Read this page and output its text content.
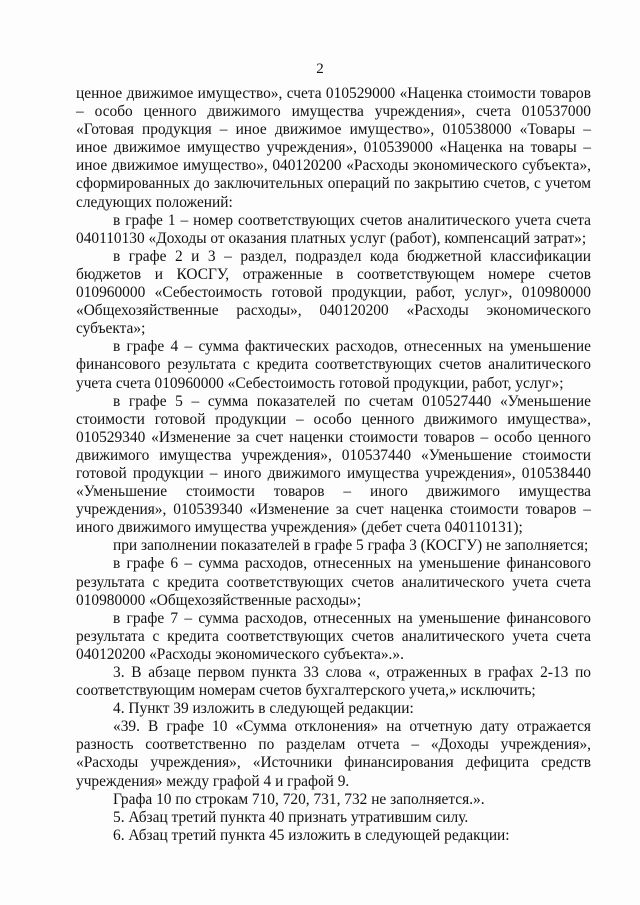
2

ценное движимое имущество», счета 010529000 «Наценка стоимости товаров – особо ценного движимого имущества учреждения», счета 010537000 «Готовая продукция – иное движимое имущество», 010538000 «Товары – иное движимое имущество учреждения», 010539000 «Наценка на товары – иное движимое имущество», 040120200 «Расходы экономического субъекта», сформированных до заключительных операций по закрытию счетов, с учетом следующих положений:

в графе 1 – номер соответствующих счетов аналитического учета счета 040110130 «Доходы от оказания платных услуг (работ), компенсаций затрат»;

в графе 2 и 3 – раздел, подраздел кода бюджетной классификации бюджетов и КОСГУ, отраженные в соответствующем номере счетов 010960000 «Себестоимость готовой продукции, работ, услуг», 010980000 «Общехозяйственные расходы», 040120200 «Расходы экономического субъекта»;

в графе 4 – сумма фактических расходов, отнесенных на уменьшение финансового результата с кредита соответствующих счетов аналитического учета счета 010960000 «Себестоимость готовой продукции, работ, услуг»;

в графе 5 – сумма показателей по счетам 010527440 «Уменьшение стоимости готовой продукции – особо ценного движимого имущества», 010529340 «Изменение за счет наценки стоимости товаров – особо ценного движимого имущества учреждения», 010537440 «Уменьшение стоимости готовой продукции – иного движимого имущества учреждения», 010538440 «Уменьшение стоимости товаров – иного движимого имущества учреждения», 010539340 «Изменение за счет наценка стоимости товаров – иного движимого имущества учреждения» (дебет счета 040110131);

при заполнении показателей в графе 5 графа 3 (КОСГУ) не заполняется;

в графе 6 – сумма расходов, отнесенных на уменьшение финансового результата с кредита соответствующих счетов аналитического учета счета 010980000 «Общехозяйственные расходы»;

в графе 7 – сумма расходов, отнесенных на уменьшение финансового результата с кредита соответствующих счетов аналитического учета счета 040120200 «Расходы экономического субъекта».».

3. В абзаце первом пункта 33 слова «, отраженных в графах 2-13 по соответствующим номерам счетов бухгалтерского учета,» исключить;

4. Пункт 39 изложить в следующей редакции:

«39. В графе 10 «Сумма отклонения» на отчетную дату отражается разность соответственно по разделам отчета – «Доходы учреждения», «Расходы учреждения», «Источники финансирования дефицита средств учреждения» между графой 4 и графой 9.

Графа 10 по строкам 710, 720, 731, 732 не заполняется.».

5. Абзац третий пункта 40 признать утратившим силу.

6. Абзац третий пункта 45 изложить в следующей редакции:
